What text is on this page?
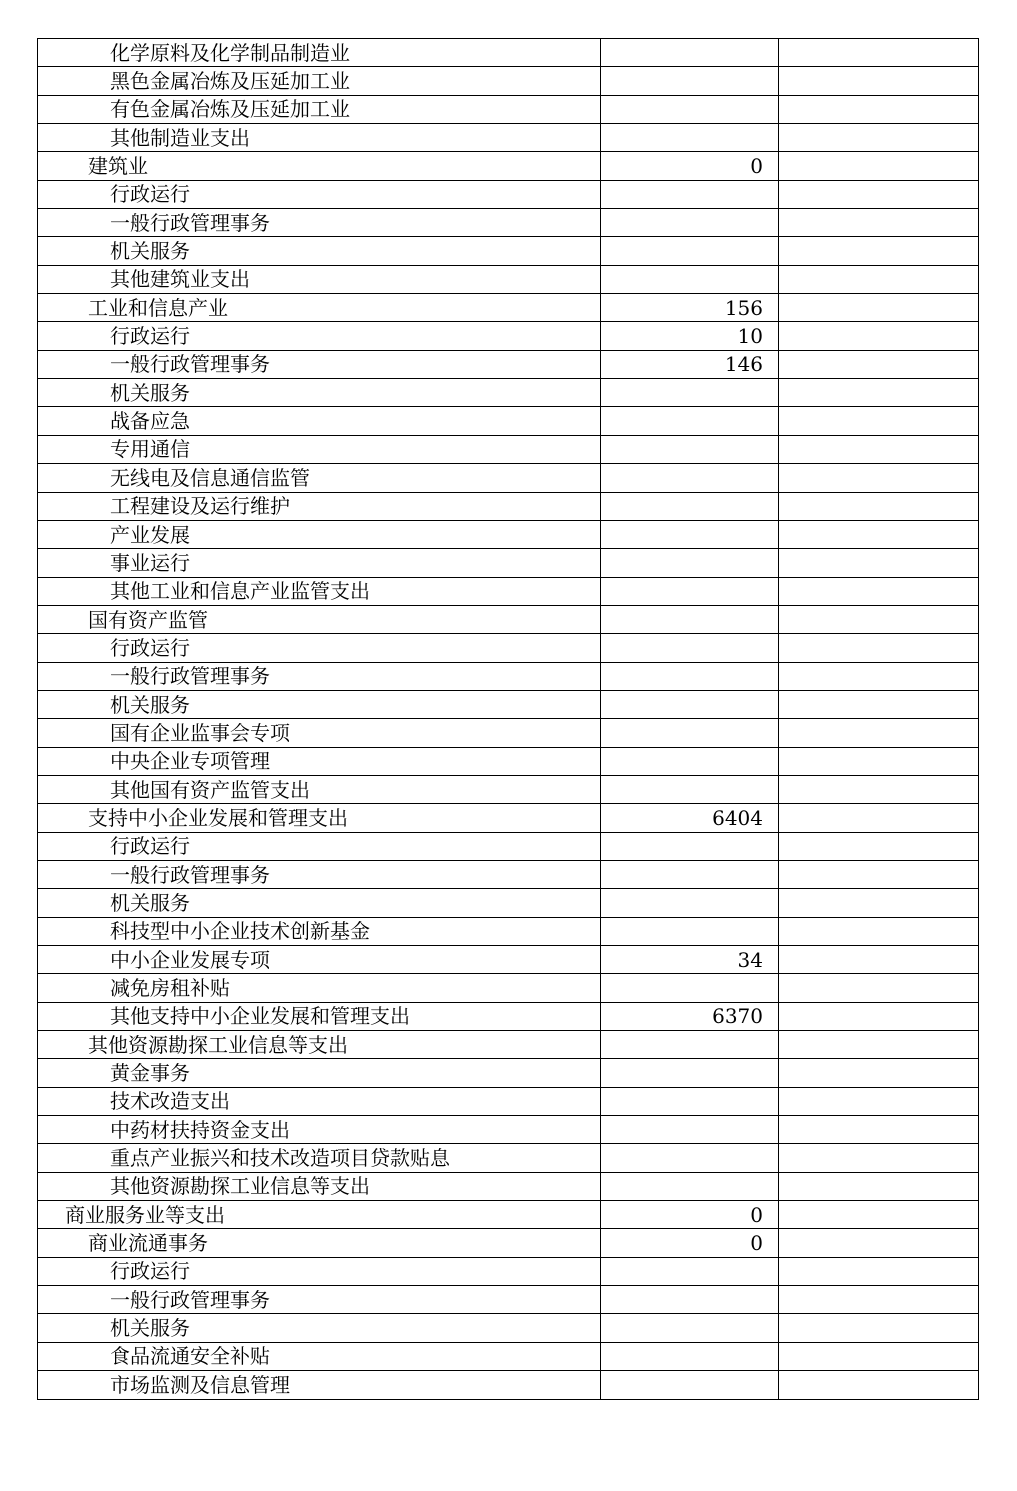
化学原料及化学制品制造业		
黑色金属冶炼及压延加工业		
有色金属冶炼及压延加工业		
其他制造业支出		
建筑业	0	
行政运行		
一般行政管理事务		
机关服务		
其他建筑业支出		
工业和信息产业	156	
行政运行	10	
一般行政管理事务	146	
机关服务		
战备应急		
专用通信		
无线电及信息通信监管		
工程建设及运行维护		
产业发展		
事业运行		
其他工业和信息产业监管支出		
国有资产监管		
行政运行		
一般行政管理事务		
机关服务		
国有企业监事会专项		
中央企业专项管理		
其他国有资产监管支出		
支持中小企业发展和管理支出	6404	
行政运行		
一般行政管理事务		
机关服务		
科技型中小企业技术创新基金		
中小企业发展专项	34	
减免房租补贴		
其他支持中小企业发展和管理支出	6370	
其他资源勘探工业信息等支出		
黄金事务		
技术改造支出		
中药材扶持资金支出		
重点产业振兴和技术改造项目贷款贴息		
其他资源勘探工业信息等支出		
商业服务业等支出	0	
商业流通事务	0	
行政运行		
一般行政管理事务		
机关服务		
食品流通安全补贴		
市场监测及信息管理		
